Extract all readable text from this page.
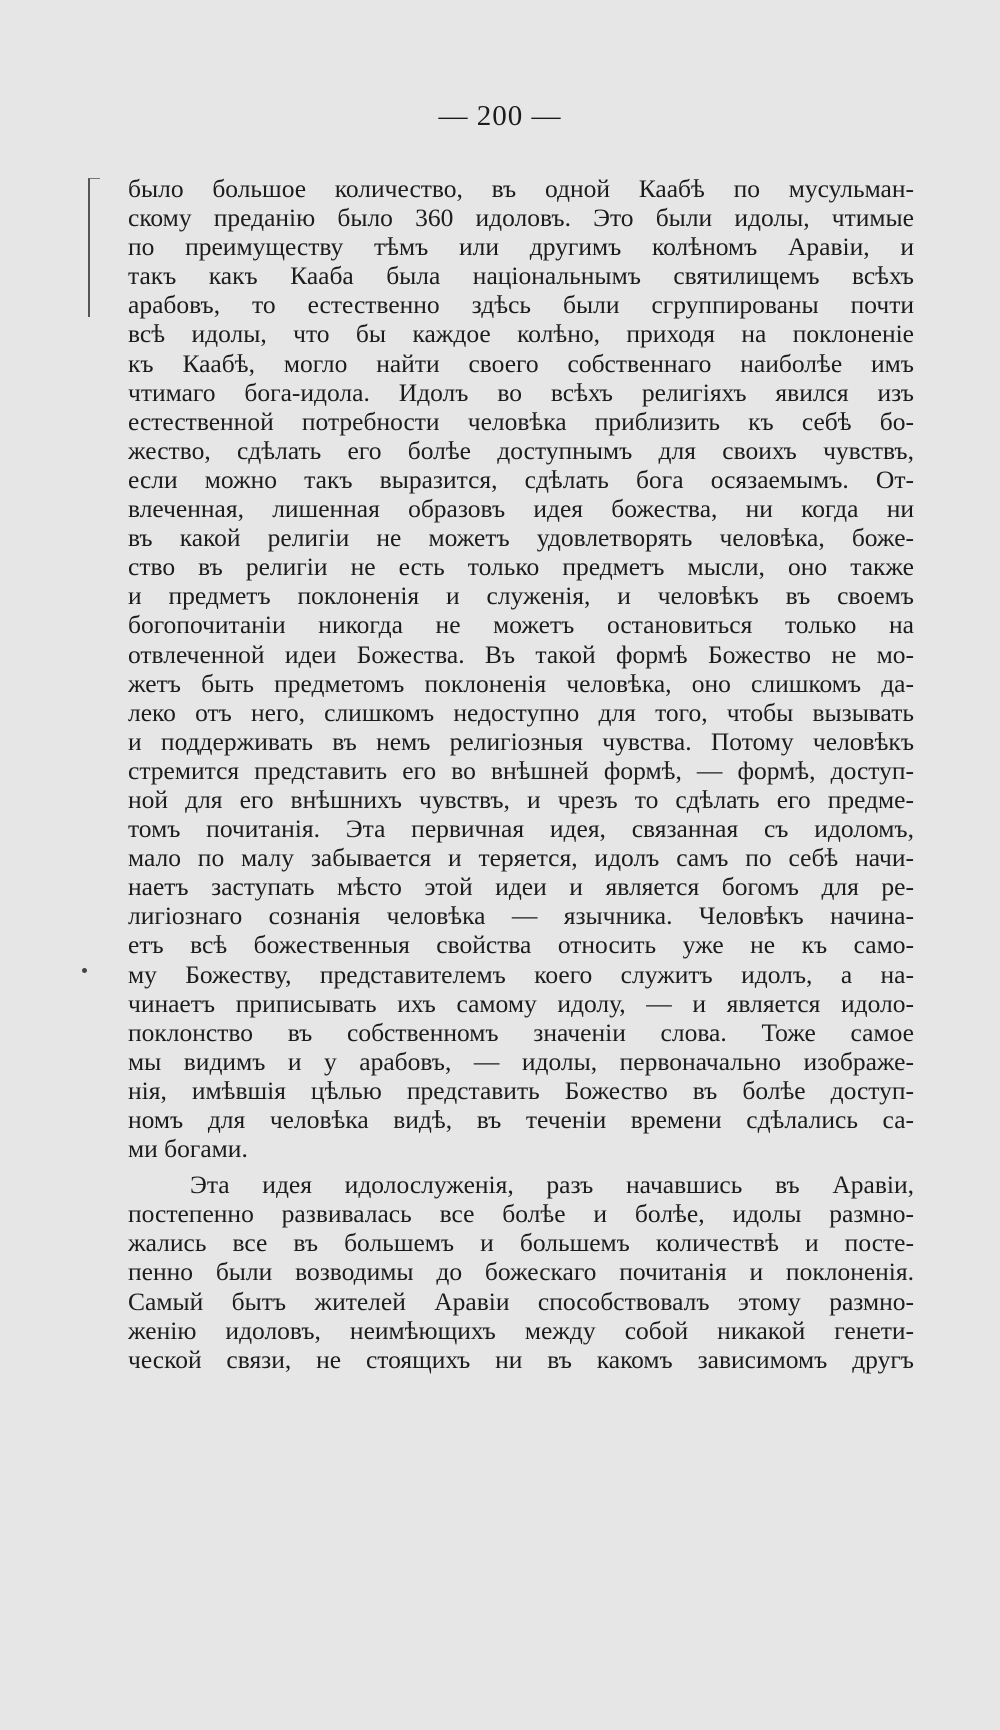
— 200 —
было большое количество, въ одной Каабѣ по мусульман-
скому преданію было 360 идоловъ. Это были идолы, чтимые
по преимуществу тѣмъ или другимъ колѣномъ Аравіи, и
такъ какъ Кааба была національнымъ святилищемъ всѣхъ
арабовъ, то естественно здѣсь были сгруппированы почти
всѣ идолы, что бы каждое колѣно, приходя на поклоненіе
къ Каабѣ, могло найти своего собственнаго наиболѣе имъ
чтимаго бога-идола. Идолъ во всѣхъ религіяхъ явился изъ
естественной потребности человѣка приблизить къ себѣ бо-
жество, сдѣлать его болѣе доступнымъ для своихъ чувствъ,
если можно такъ выразится, сдѣлать бога осязаемымъ. От-
влеченная, лишенная образовъ идея божества, ни когда ни
въ какой религіи не можетъ удовлетворять человѣка, боже-
ство въ религіи не есть только предметъ мысли, оно также
и предметъ поклоненія и служенія, и человѣкъ въ своемъ
богопочитаніи никогда не можетъ остановиться только на
отвлеченной идеи Божества. Въ такой формѣ Божество не мо-
жетъ быть предметомъ поклоненія человѣка, оно слишкомъ да-
леко отъ него, слишкомъ недоступно для того, чтобы вызывать
и поддерживать въ немъ религіозныя чувства. Потому человѣкъ
стремится представить его во внѣшней формѣ, — формѣ, доступ-
ной для его внѣшнихъ чувствъ, и чрезъ то сдѣлать его предме-
томъ почитанія. Эта первичная идея, связанная съ идоломъ,
мало по малу забывается и теряется, идолъ самъ по себѣ начи-
наетъ заступать мѣсто этой идеи и является богомъ для ре-
лигіознаго сознанія человѣка — язычника. Человѣкъ начина-
етъ всѣ божественныя свойства относить уже не къ само-
му Божеству, представителемъ коего служитъ идолъ, а на-
чинаетъ приписывать ихъ самому идолу, — и является идоло-
поклонство въ собственномъ значеніи слова. Тоже самое
мы видимъ и у арабовъ, — идолы, первоначально изображе-
нія, имѣвшія цѣлью представить Божество въ болѣе доступ-
номъ для человѣка видѣ, въ теченіи времени сдѣлались са-
ми богами.
Эта идея идолослуженія, разъ начавшись въ Аравіи,
постепенно развивалась все болѣе и болѣе, идолы размно-
жались все въ большемъ и большемъ количествѣ и посте-
пенно были возводимы до божескаго почитанія и поклоненія.
Самый бытъ жителей Аравіи способствовалъ этому размно-
женію идоловъ, неимѣющихъ между собой никакой генети-
ческой связи, не стоящихъ ни въ какомъ зависимомъ другъ
